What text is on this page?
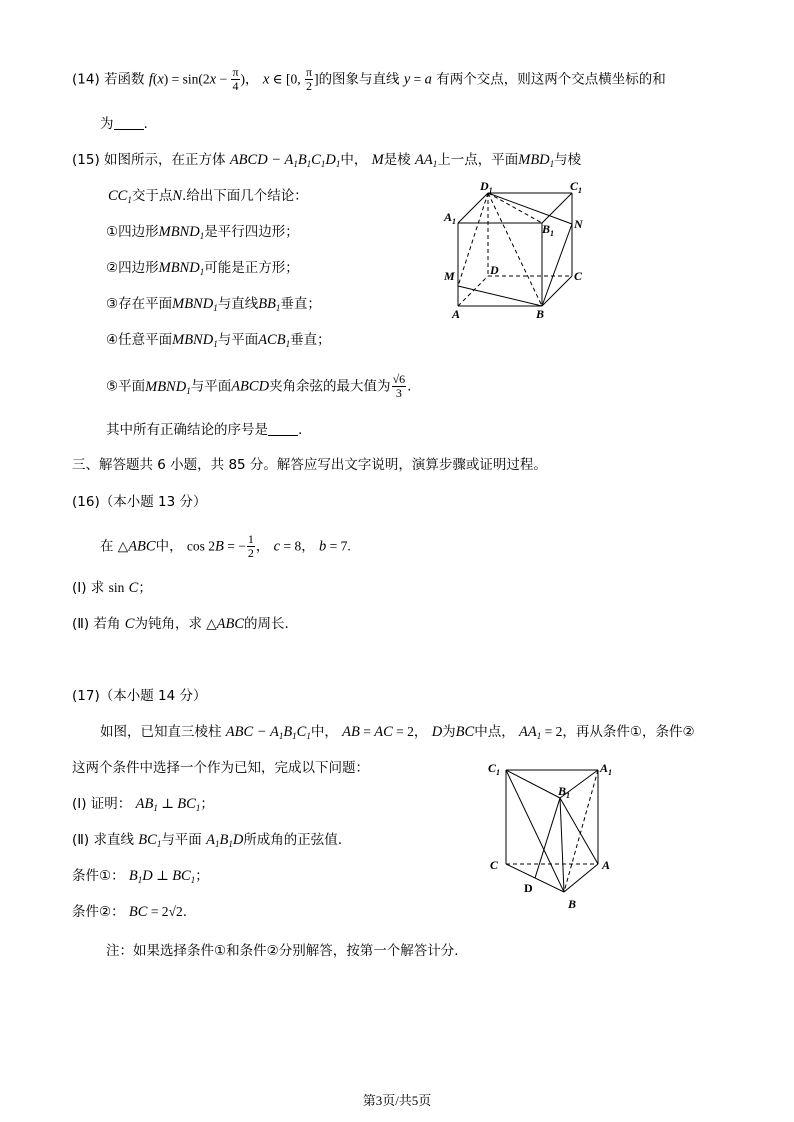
(14) 若函数 $f(x) = \sin(2x - \frac{\pi}{4}$ )， x ∈ [0, $\frac{\pi}{2}$ ]的图象与直线 y = a 有两个交点，则这两个交点横坐标的和
为 .
(15) 如图所示，在正方体 ABCD − $A_1B_1C_1D_1$中， M是棱 $AA_1$上一点，平面$MBD_1$与棱
$CC_1$交于点N.给出下面几个结论：
①四边形$MBND_1$是平行四边形；
②四边形$MBND_1$可能是正方形；
③存在平面$MBND_1$与直线$BB_1$垂直；
④任意平面$MBND_1$与平面$ACB_1$垂直；
⑤平面$MBND_1$与平面ABCD夹角余弦的最大值为 $\frac{√6}{3}$ .
其中所有正确结论的序号是 .
$D_1$	$C_1$
$A_1$
$B_1$
N
M	D	C
A	B
三、解答题共 6 小题，共 85 分。解答应写出文字说明，演算步骤或证明过程。
(16)（本小题 13 分）
在 △ABC中， cos 2B = − $\frac{1}{2}$ ， c = 8， b = 7.
(Ⅰ) 求 sin C；
(Ⅱ) 若角 C为钝角，求 △ABC的周长.
(17)（本小题 14 分）
如图，已知直三棱柱 ABC − $A_1B_1C_1$中， AB = AC = 2， D为BC中点， $AA_1 = 2$，再从条件①，条件②
这两个条件中选择一个作为已知，完成以下问题：
(Ⅰ) 证明： $AB_1$ ⊥ $BC_1$；
(Ⅱ) 求直线 $BC_1$与平面 $A_1B_1D$所成角的正弦值.
条件①： $B_1D$ ⊥ $BC_1$；
条件②： BC = 2√2.
注：如果选择条件①和条件②分别解答，按第一个解答计分.
$C_1$	$A_1$
$B_1$
C	A
D
B
第3页/共5页
